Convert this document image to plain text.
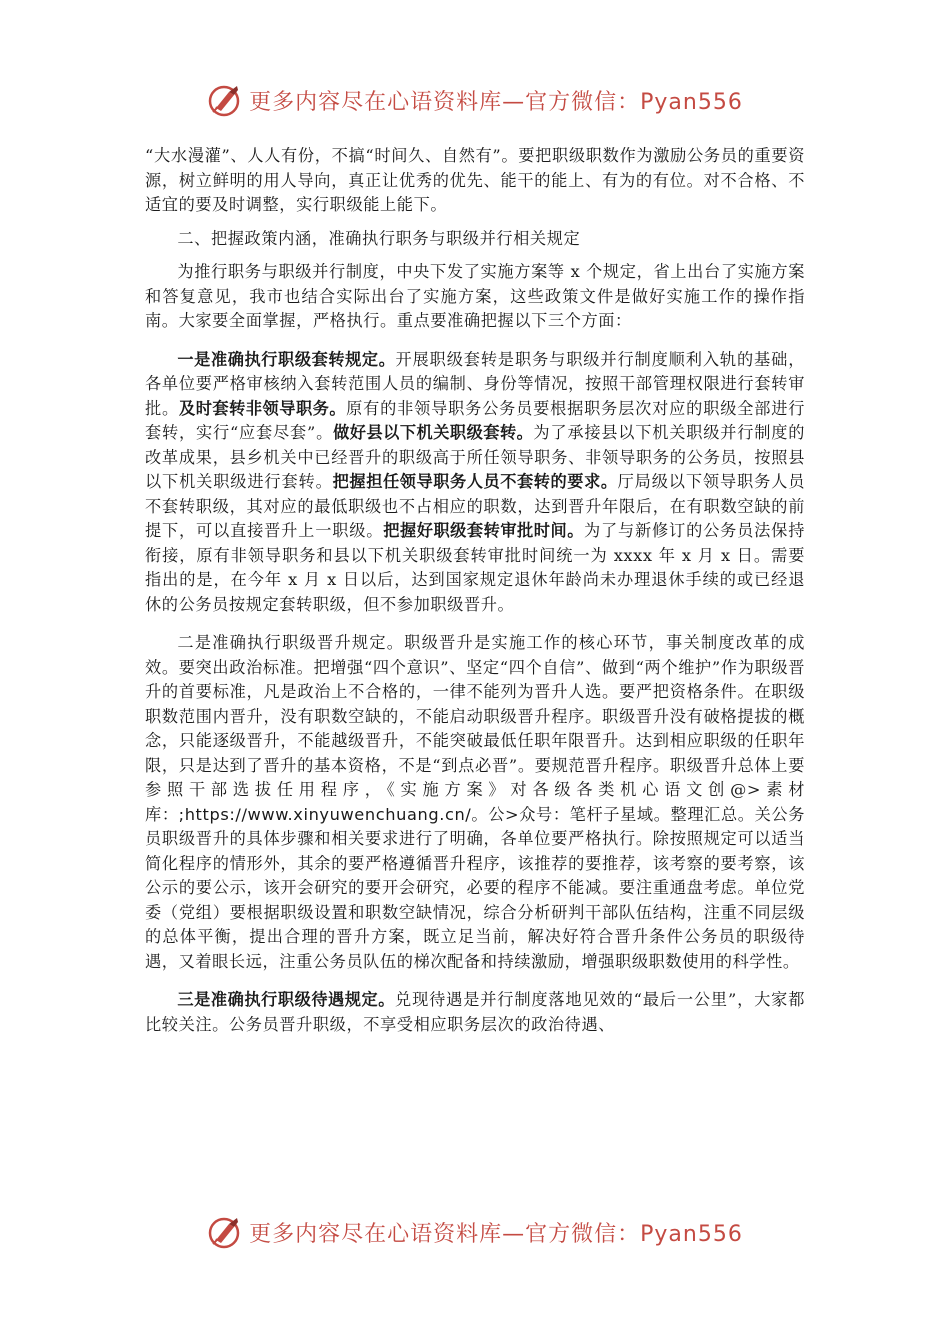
更多内容尽在心语资料库—官方微信：Pyan556

“大水漫灌”、人人有份，不搞“时间久、自然有”。要把职级职数作为激励公务员的重要资源，树立鲜明的用人导向，真正让优秀的优先、能干的能上、有为的有位。对不合格、不适宜的要及时调整，实行职级能上能下。

二、把握政策内涵，准确执行职务与职级并行相关规定

为推行职务与职级并行制度，中央下发了实施方案等 x 个规定，省上出台了实施方案和答复意见，我市也结合实际出台了实施方案，这些政策文件是做好实施工作的操作指南。大家要全面掌握，严格执行。重点要准确把握以下三个方面：

一是准确执行职级套转规定。开展职级套转是职务与职级并行制度顺利入轨的基础，各单位要严格审核纳入套转范围人员的编制、身份等情况，按照干部管理权限进行套转审批。及时套转非领导职务。原有的非领导职务公务员要根据职务层次对应的职级全部进行套转，实行“应套尽套”。做好县以下机关职级套转。为了承接县以下机关职级并行制度的改革成果，县乡机关中已经晋升的职级高于所任领导职务、非领导职务的公务员，按照县以下机关职级进行套转。把握担任领导职务人员不套转的要求。厅局级以下领导职务人员不套转职级，其对应的最低职级也不占相应的职数，达到晋升年限后，在有职数空缺的前提下，可以直接晋升上一职级。把握好职级套转审批时间。为了与新修订的公务员法保持衔接，原有非领导职务和县以下机关职级套转审批时间统一为 xxxx 年 x 月 x 日。需要指出的是，在今年 x 月 x 日以后，达到国家规定退休年龄尚未办理退休手续的或已经退休的公务员按规定套转职级，但不参加职级晋升。

二是准确执行职级晋升规定。职级晋升是实施工作的核心环节，事关制度改革的成效。要突出政治标准。把增强“四个意识”、坚定“四个自信”、做到“两个维护”作为职级晋升的首要标准，凡是政治上不合格的，一律不能列为晋升人选。要严把资格条件。在职级职数范围内晋升，没有职数空缺的，不能启动职级晋升程序。职级晋升没有破格提拔的概念，只能逐级晋升，不能越级晋升，不能突破最低任职年限晋升。达到相应职级的任职年限，只是达到了晋升的基本资格，不是“到点必晋”。要规范晋升程序。职级晋升总体上要参照干部选拔任用程序，《实施方案》对各级各类机心语文创@>素材库：;https://www.xinyuwenchuang.cn/。公>众号：笔杆子星域。整理汇总。关公务员职级晋升的具体步骤和相关要求进行了明确，各单位要严格执行。除按照规定可以适当简化程序的情形外，其余的要严格遵循晋升程序，该推荐的要推荐，该考察的要考察，该公示的要公示，该开会研究的要开会研究，必要的程序不能减。要注重通盘考虑。单位党委（党组）要根据职级设置和职数空缺情况，综合分析研判干部队伍结构，注重不同层级的总体平衡，提出合理的晋升方案，既立足当前，解决好符合晋升条件公务员的职级待遇，又着眼长远，注重公务员队伍的梯次配备和持续激励，增强职级职数使用的科学性。

三是准确执行职级待遇规定。兑现待遇是并行制度落地见效的“最后一公里”，大家都比较关注。公务员晋升职级，不享受相应职务层次的政治待遇、

更多内容尽在心语资料库—官方微信：Pyan556
